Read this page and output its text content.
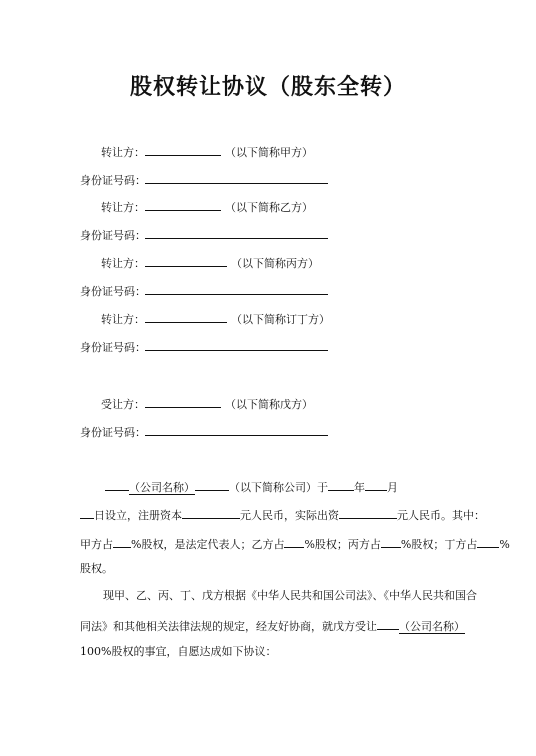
股权转让协议（股东全转）
转让方：	（以下简称甲方）
身份证号码：
转让方：	（以下简称乙方）
身份证号码：
转让方：	（以下简称丙方）
身份证号码：
转让方：	（以下简称订丁方）
身份证号码：
受让方：	（以下简称戊方）
身份证号码：
（公司名称）	（以下简称公司）于 年 月
日设立，注册资本	元人民币，实际出资	元人民币。其中：
甲方占 %股权，是法定代表人；乙方占 %股权；丙方占 %股权；丁方占 %
股权。
现甲、乙、丙、丁、戊方根据《中华人民共和国公司法》、《中华人民共和国合
同法》和其他相关法律法规的规定，经友好协商，就戊方受让 （公司名称）
100%股权的事宜，自愿达成如下协议：
